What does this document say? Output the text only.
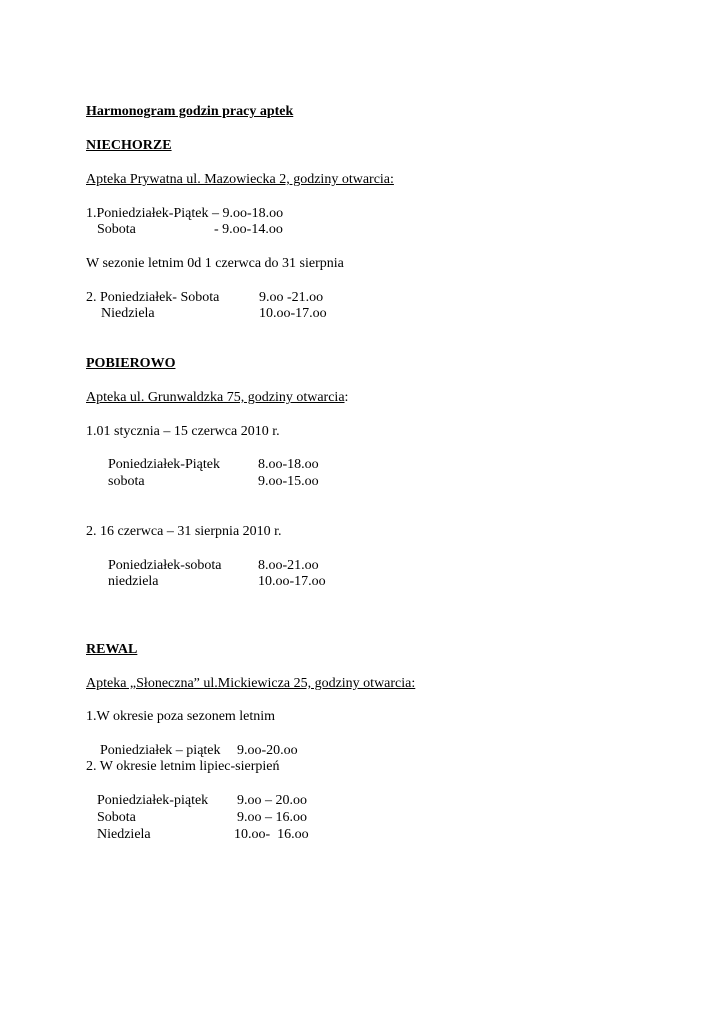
Harmonogram godzin pracy aptek
NIECHORZE
Apteka Prywatna ul. Mazowiecka 2, godziny otwarcia:
1.Poniedziałek-Piątek – 9.oo-18.oo
Sobota	- 9.oo-14.oo
W sezonie letnim 0d 1 czerwca do 31 sierpnia
2. Poniedziałek- Sobota	9.oo -21.oo
Niedziela	10.oo-17.oo
POBIEROWO
Apteka ul. Grunwaldzka 75, godziny otwarcia:
1.01 stycznia – 15 czerwca 2010 r.
Poniedziałek-Piątek	8.oo-18.oo
sobota	9.oo-15.oo
2. 16 czerwca – 31 sierpnia 2010 r.
Poniedziałek-sobota	8.oo-21.oo
niedziela	10.oo-17.oo
REWAL
Apteka „Słoneczna” ul.Mickiewicza 25, godziny otwarcia:
1.W okresie poza sezonem letnim
Poniedziałek – piątek 9.oo-20.oo
2. W okresie letnim lipiec-sierpień
Poniedziałek-piątek 9.oo – 20.oo
Sobota	9.oo – 16.oo
Niedziela	10.oo-  16.oo
